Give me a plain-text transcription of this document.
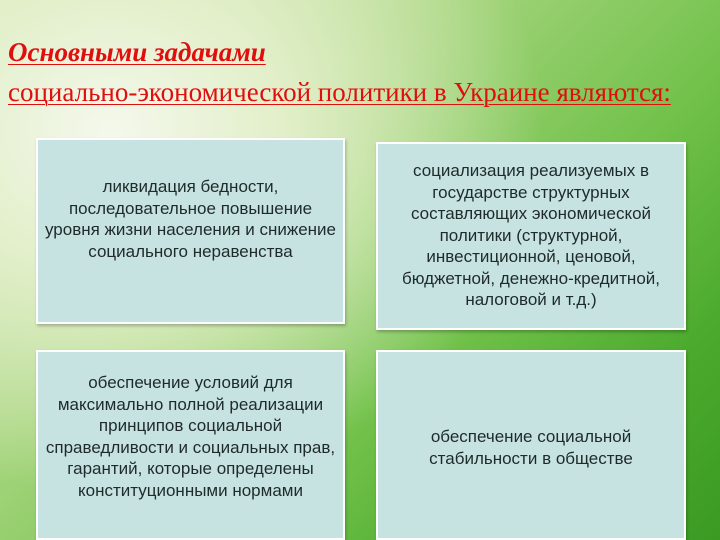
Основными задачами
социально-экономической политики в Украине являются:
ликвидация бедности, последовательное повышение уровня жизни населения и снижение социального неравенства
социализация реализуемых в государстве структурных составляющих экономической политики (структурной, инвестиционной, ценовой, бюджетной, денежно-кредитной, налоговой и т.д.)
обеспечение условий для максимально полной реализации принципов социальной справедливости и социальных прав, гарантий, которые определены конституционными нормами
обеспечение социальной стабильности в обществе
